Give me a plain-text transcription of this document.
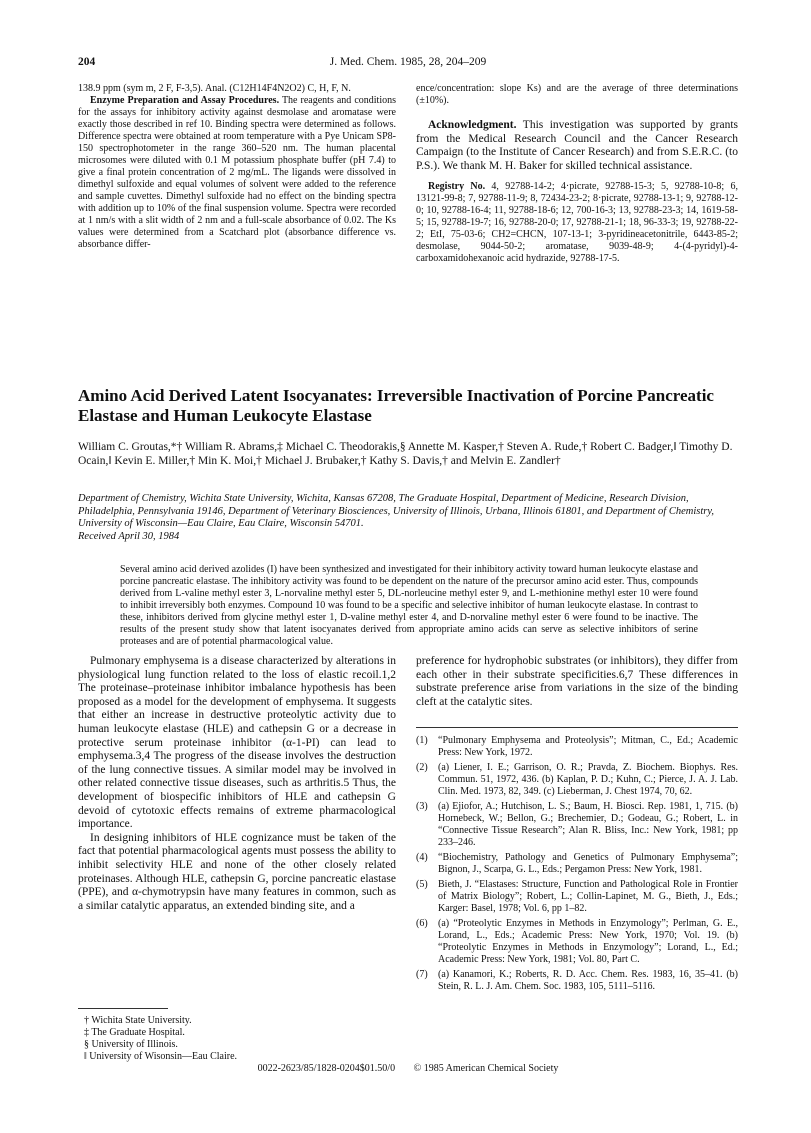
204	J. Med. Chem. 1985, 28, 204–209

138.9 ppm (sym m, 2 F, F-3,5). Anal. (C12H14F4N2O2) C, H, F, N.

Enzyme Preparation and Assay Procedures. The reagents and conditions for the assays for inhibitory activity against desmolase and aromatase were exactly those described in ref 10. Binding spectra were determined as follows. Difference spectra were obtained at room temperature with a Pye Unicam SP8-150 spectrophotometer in the range 360–520 nm. The human placental microsomes were diluted with 0.1 M potassium phosphate buffer (pH 7.4) to give a final protein concentration of 2 mg/mL. The ligands were dissolved in dimethyl sulfoxide and equal volumes of solvent were added to the reference and sample cuvettes. Dimethyl sulfoxide had no effect on the binding spectra with addition up to 10% of the final suspension volume. Spectra were recorded at 1 nm/s with a slit width of 2 nm and a full-scale absorbance of 0.02. The Ks values were determined from a Scatchard plot (absorbance difference vs. absorbance differ-

ence/concentration: slope Ks) and are the average of three determinations (±10%).

Acknowledgment. This investigation was supported by grants from the Medical Research Council and the Cancer Research Campaign (to the Institute of Cancer Research) and from S.E.R.C. (to P.S.). We thank M. H. Baker for skilled technical assistance.

Registry No. 4, 92788-14-2; 4·picrate, 92788-15-3; 5, 92788-10-8; 6, 13121-99-8; 7, 92788-11-9; 8, 72434-23-2; 8·picrate, 92788-13-1; 9, 92788-12-0; 10, 92788-16-4; 11, 92788-18-6; 12, 700-16-3; 13, 92788-23-3; 14, 1619-58-5; 15, 92788-19-7; 16, 92788-20-0; 17, 92788-21-1; 18, 96-33-3; 19, 92788-22-2; EtI, 75-03-6; CH2=CHCN, 107-13-1; 3-pyridineacetonitrile, 6443-85-2; desmolase, 9044-50-2; aromatase, 9039-48-9; 4-(4-pyridyl)-4-carboxamidohexanoic acid hydrazide, 92788-17-5.

Amino Acid Derived Latent Isocyanates: Irreversible Inactivation of Porcine Pancreatic Elastase and Human Leukocyte Elastase
William C. Groutas,*† William R. Abrams,‡ Michael C. Theodorakis,§ Annette M. Kasper,† Steven A. Rude,† Robert C. Badger,‖ Timothy D. Ocain,‖ Kevin E. Miller,† Min K. Moi,† Michael J. Brubaker,† Kathy S. Davis,† and Melvin E. Zandler†
Department of Chemistry, Wichita State University, Wichita, Kansas 67208, The Graduate Hospital, Department of Medicine, Research Division, Philadelphia, Pennsylvania 19146, Department of Veterinary Biosciences, University of Illinois, Urbana, Illinois 61801, and Department of Chemistry, University of Wisconsin—Eau Claire, Eau Claire, Wisconsin 54701.
Received April 30, 1984

Several amino acid derived azolides (I) have been synthesized and investigated for their inhibitory activity toward human leukocyte elastase and porcine pancreatic elastase. The inhibitory activity was found to be dependent on the nature of the precursor amino acid ester. Thus, compounds derived from L-valine methyl ester 3, L-norvaline methyl ester 5, DL-norleucine methyl ester 9, and L-methionine methyl ester 10 were found to inhibit irreversibly both enzymes. Compound 10 was found to be a specific and selective inhibitor of human leukocyte elastase. In contrast to these, inhibitors derived from glycine methyl ester 1, D-valine methyl ester 4, and D-norvaline methyl ester 6 were found to be inactive. The results of the present study show that latent isocyanates derived from appropriate amino acids can serve as selective inhibitors of serine proteases and are of potential pharmacological value.

Pulmonary emphysema is a disease characterized by alterations in physiological lung function related to the loss of elastic recoil.1,2 The proteinase–proteinase inhibitor imbalance hypothesis has been proposed as a model for the development of emphysema. It suggests that either an increase in destructive proteolytic activity due to human leukocyte elastase (HLE) and cathepsin G or a decrease in protective serum proteinase inhibitor (α-1-PI) can lead to emphysema.3,4 The progress of the disease involves the destruction of the lung connective tissues. A similar model may be involved in other related connective tissue diseases, such as arthritis.5 Thus, the development of biospecific inhibitors of HLE and cathepsin G devoid of cytotoxic effects remains of extreme pharmacological importance.

In designing inhibitors of HLE cognizance must be taken of the fact that potential pharmacological agents must possess the ability to inhibit selectivity HLE and none of the other closely related proteinases. Although HLE, cathepsin G, porcine pancreatic elastase (PPE), and α-chymotrypsin have many features in common, such as a similar catalytic apparatus, an extended binding site, and a

preference for hydrophobic substrates (or inhibitors), they differ from each other in their substrate specificities.6,7 These differences in substrate preference arise from variations in the size of the binding cleft at the catalytic sites.

(1)	“Pulmonary Emphysema and Proteolysis”; Mitman, C., Ed.; Academic Press: New York, 1972.
(2)	(a) Liener, I. E.; Garrison, O. R.; Pravda, Z. Biochem. Biophys. Res. Commun. 51, 1972, 436. (b) Kaplan, P. D.; Kuhn, C.; Pierce, J. A. J. Lab. Clin. Med. 1973, 82, 349. (c) Lieberman, J. Chest 1974, 70, 62.
(3)	(a) Ejiofor, A.; Hutchison, L. S.; Baum, H. Biosci. Rep. 1981, 1, 715. (b) Hornebeck, W.; Bellon, G.; Brechemier, D.; Godeau, G.; Robert, L. in “Connective Tissue Research”; Alan R. Bliss, Inc.: New York, 1981; pp 233–246.
(4)	“Biochemistry, Pathology and Genetics of Pulmonary Emphysema”; Bignon, J., Scarpa, G. L., Eds.; Pergamon Press: New York, 1981.
(5)	Bieth, J. “Elastases: Structure, Function and Pathological Role in Frontier of Matrix Biology”; Robert, L.; Collin-Lapinet, M. G., Bieth, J., Eds.; Karger: Basel, 1978; Vol. 6, pp 1–82.
(6)	(a) “Proteolytic Enzymes in Methods in Enzymology”; Perlman, G. E., Lorand, L., Eds.; Academic Press: New York, 1970; Vol. 19. (b) “Proteolytic Enzymes in Methods in Enzymology”; Lorand, L., Ed.; Academic Press: New York, 1981; Vol. 80, Part C.
(7)	(a) Kanamori, K.; Roberts, R. D. Acc. Chem. Res. 1983, 16, 35–41. (b) Stein, R. L. J. Am. Chem. Soc. 1983, 105, 5111–5116.
† Wichita State University.
‡ The Graduate Hospital.
§ University of Illinois.
‖ University of Wisonsin—Eau Claire.
0022-2623/85/1828-0204$01.50/0 © 1985 American Chemical Society
